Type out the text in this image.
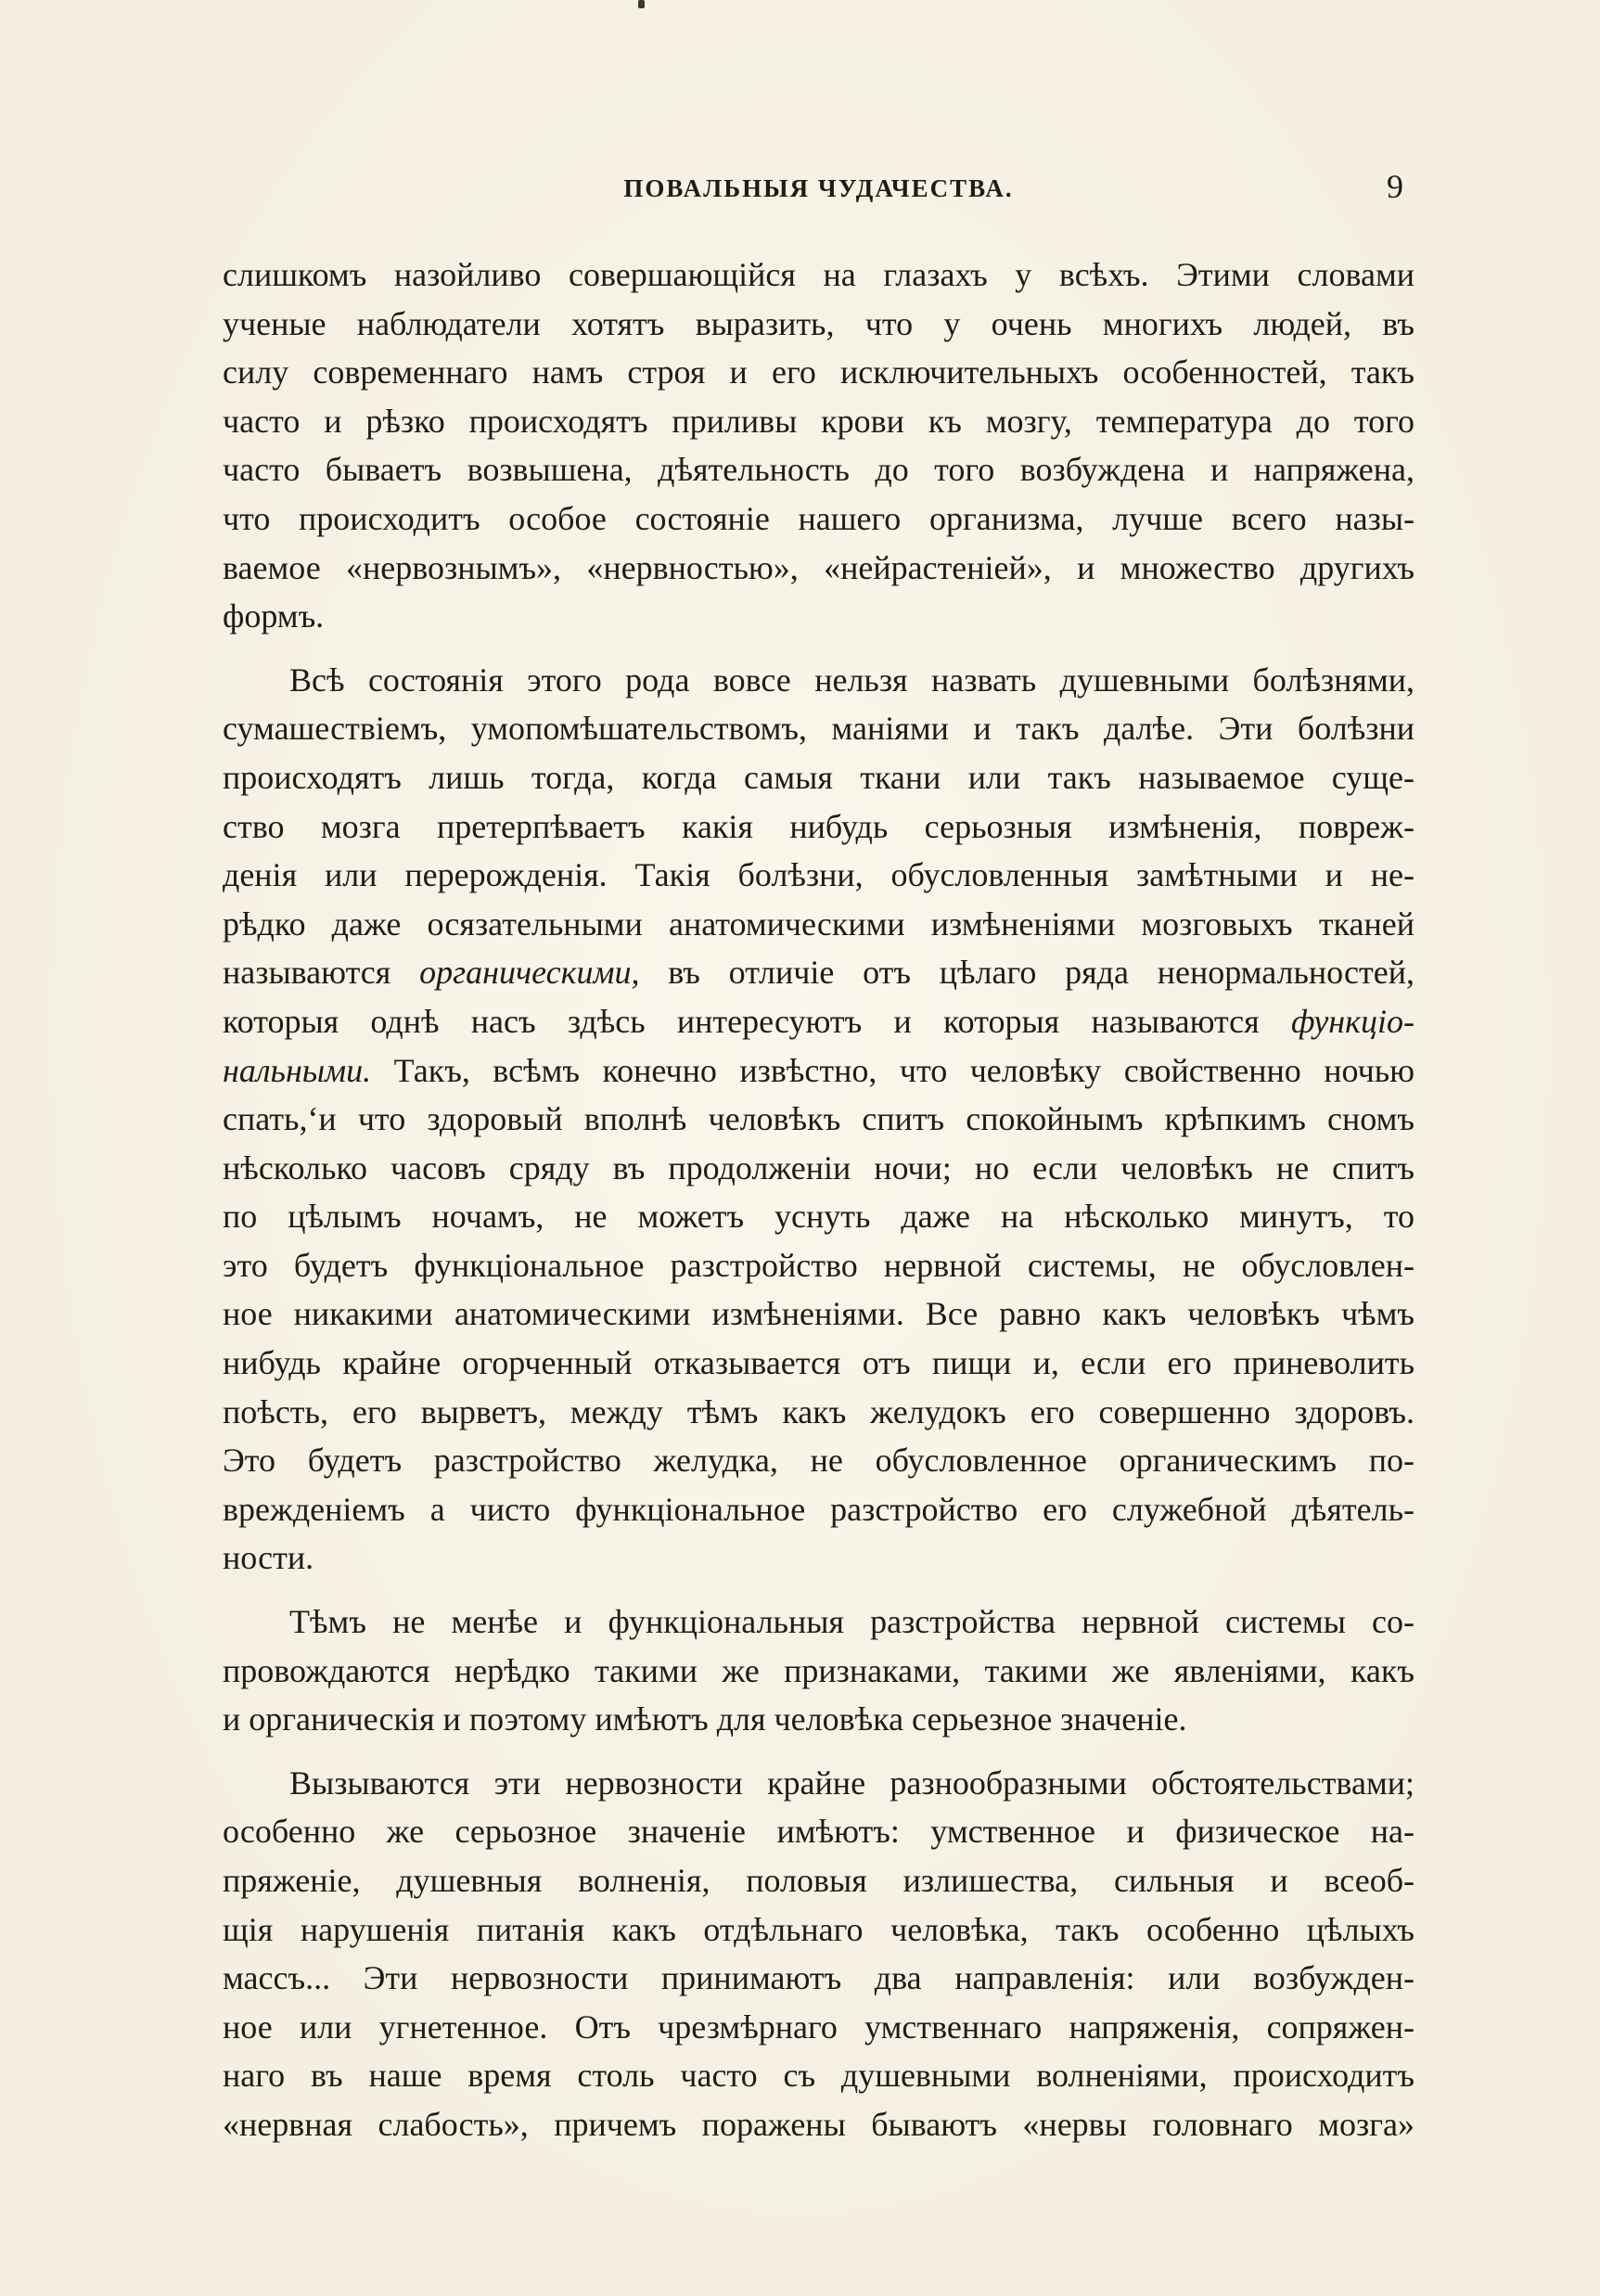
ПОВАЛЬНЫЯ ЧУДАЧЕСТВА.	9
слишкомъ назойливо совершающійся на глазахъ у всѣхъ. Этими словами
ученые наблюдатели хотятъ выразить, что у очень многихъ людей, въ
силу современнаго намъ строя и его исключительныхъ особенностей, такъ
часто и рѣзко происходятъ приливы крови къ мозгу, температура до того
часто бываетъ возвышена, дѣятельность до того возбуждена и напряжена,
что происходитъ особое состояніе нашего организма, лучше всего назы-
ваемое «нервознымъ», «нервностью», «нейрастеніей», и множество другихъ
формъ.
Всѣ состоянія этого рода вовсе нельзя назвать душевными болѣзнями,
сумашествіемъ, умопомѣшательствомъ, маніями и такъ далѣе. Эти болѣзни
происходятъ лишь тогда, когда самыя ткани или такъ называемое суще-
ство мозга претерпѣваетъ какія нибудь серьозныя измѣненія, повреж-
денія или перерожденія. Такія болѣзни, обусловленныя замѣтными и не-
рѣдко даже осязательными анатомическими измѣненіями мозговыхъ тканей
называются органическими, въ отличіе отъ цѣлаго ряда ненормальностей,
которыя однѣ насъ здѣсь интересуютъ и которыя называются функціо-
нальными. Такъ, всѣмъ конечно извѣстно, что человѣку свойственно ночью
спать,‘и что здоровый вполнѣ человѣкъ спитъ спокойнымъ крѣпкимъ сномъ
нѣсколько часовъ сряду въ продолженіи ночи; но если человѣкъ не спитъ
по цѣлымъ ночамъ, не можетъ уснуть даже на нѣсколько минутъ, то
это будетъ функціональное разстройство нервной системы, не обусловлен-
ное никакими анатомическими измѣненіями. Все равно какъ человѣкъ чѣмъ
нибудь крайне огорченный отказывается отъ пищи и, если его приневолить
поѣсть, его вырветъ, между тѣмъ какъ желудокъ его совершенно здоровъ.
Это будетъ разстройство желудка, не обусловленное органическимъ по-
врежденіемъ а чисто функціональное разстройство его служебной дѣятель-
ности.
Тѣмъ не менѣе и функціональныя разстройства нервной системы со-
провождаются нерѣдко такими же признаками, такими же явленіями, какъ
и органическія и поэтому имѣютъ для человѣка серьезное значеніе.
Вызываются эти нервозности крайне разнообразными обстоятельствами;
особенно же серьозное значеніе имѣютъ: умственное и физическое на-
пряженіе, душевныя волненія, половыя излишества, сильныя и всеоб-
щія нарушенія питанія какъ отдѣльнаго человѣка, такъ особенно цѣлыхъ
массъ... Эти нервозности принимаютъ два направленія: или возбужден-
ное или угнетенное. Отъ чрезмѣрнаго умственнаго напряженія, сопряжен-
наго въ наше время столь часто съ душевными волненіями, происходитъ
«нервная слабость», причемъ поражены бываютъ «нервы головнаго мозга»
